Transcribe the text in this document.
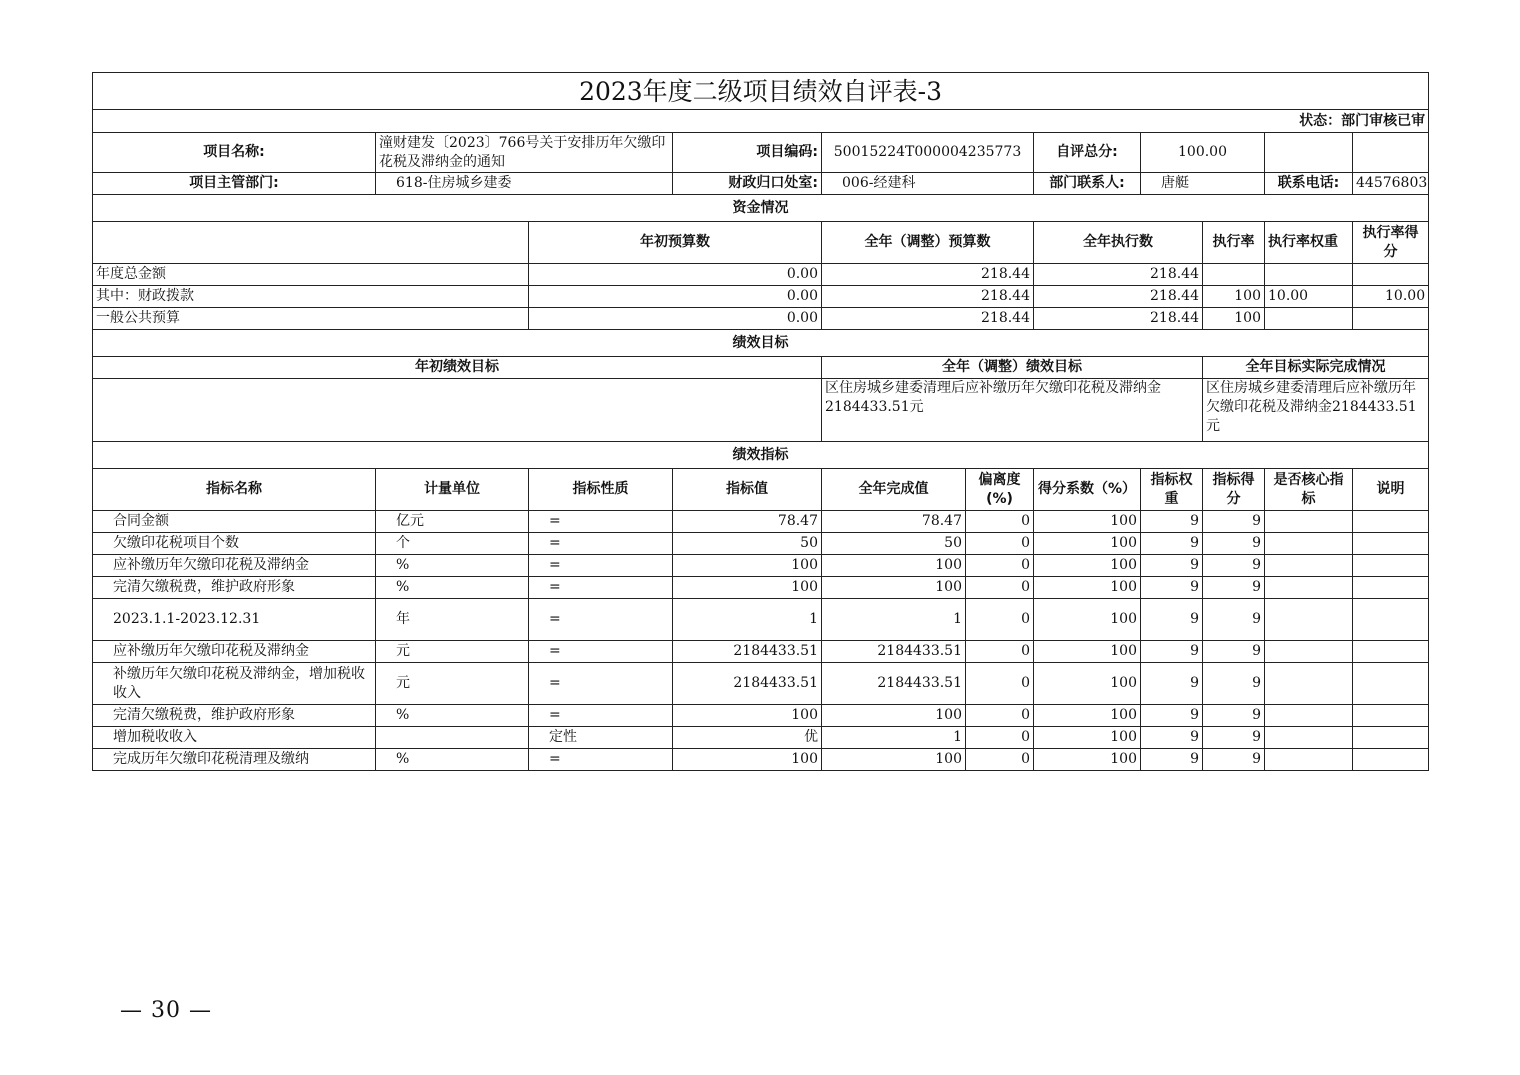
2023年度二级项目绩效自评表-3										
状态：部门审核已审										
项目名称:	潼财建发〔2023〕766号关于安排历年欠缴印花税及滞纳金的通知		项目编码:	50015224T000004235773		自评总分:	100.00			
项目主管部门:	618-住房城乡建委		财政归口处室:	006-经建科		部门联系人:	唐艇		联系电话:	44576803
资金情况										
		年初预算数		全年（调整）预算数		全年执行数		执行率	执行率权重	执行率得分
年度总金额		0.00		218.44		218.44				
其中：财政拨款		0.00		218.44		218.44		100	10.00	10.00
一般公共预算		0.00		218.44		218.44		100		
绩效目标										
年初绩效目标				全年（调整）绩效目标				全年目标实际完成情况		
				区住房城乡建委清理后应补缴历年欠缴印花税及滞纳金2184433.51元				区住房城乡建委清理后应补缴历年欠缴印花税及滞纳金2184433.51元		
绩效指标										
指标名称	计量单位	指标性质	指标值	全年完成值	偏离度(%)	得分系数（%）	指标权重	指标得分	是否核心指标	说明
合同金额	亿元	=	78.47	78.47	0	100	9	9		
欠缴印花税项目个数	个	=	50	50	0	100	9	9		
应补缴历年欠缴印花税及滞纳金	%	=	100	100	0	100	9	9		
完清欠缴税费，维护政府形象	%	=	100	100	0	100	9	9		
2023.1.1-2023.12.31	年	=	1	1	0	100	9	9		
应补缴历年欠缴印花税及滞纳金	元	=	2184433.51	2184433.51	0	100	9	9		
补缴历年欠缴印花税及滞纳金，增加税收收入	元	=	2184433.51	2184433.51	0	100	9	9		
完清欠缴税费，维护政府形象	%	=	100	100	0	100	9	9		
增加税收收入		定性	优	1	0	100	9	9		
完成历年欠缴印花税清理及缴纳	%	=	100	100	0	100	9	9		
— 30 —
